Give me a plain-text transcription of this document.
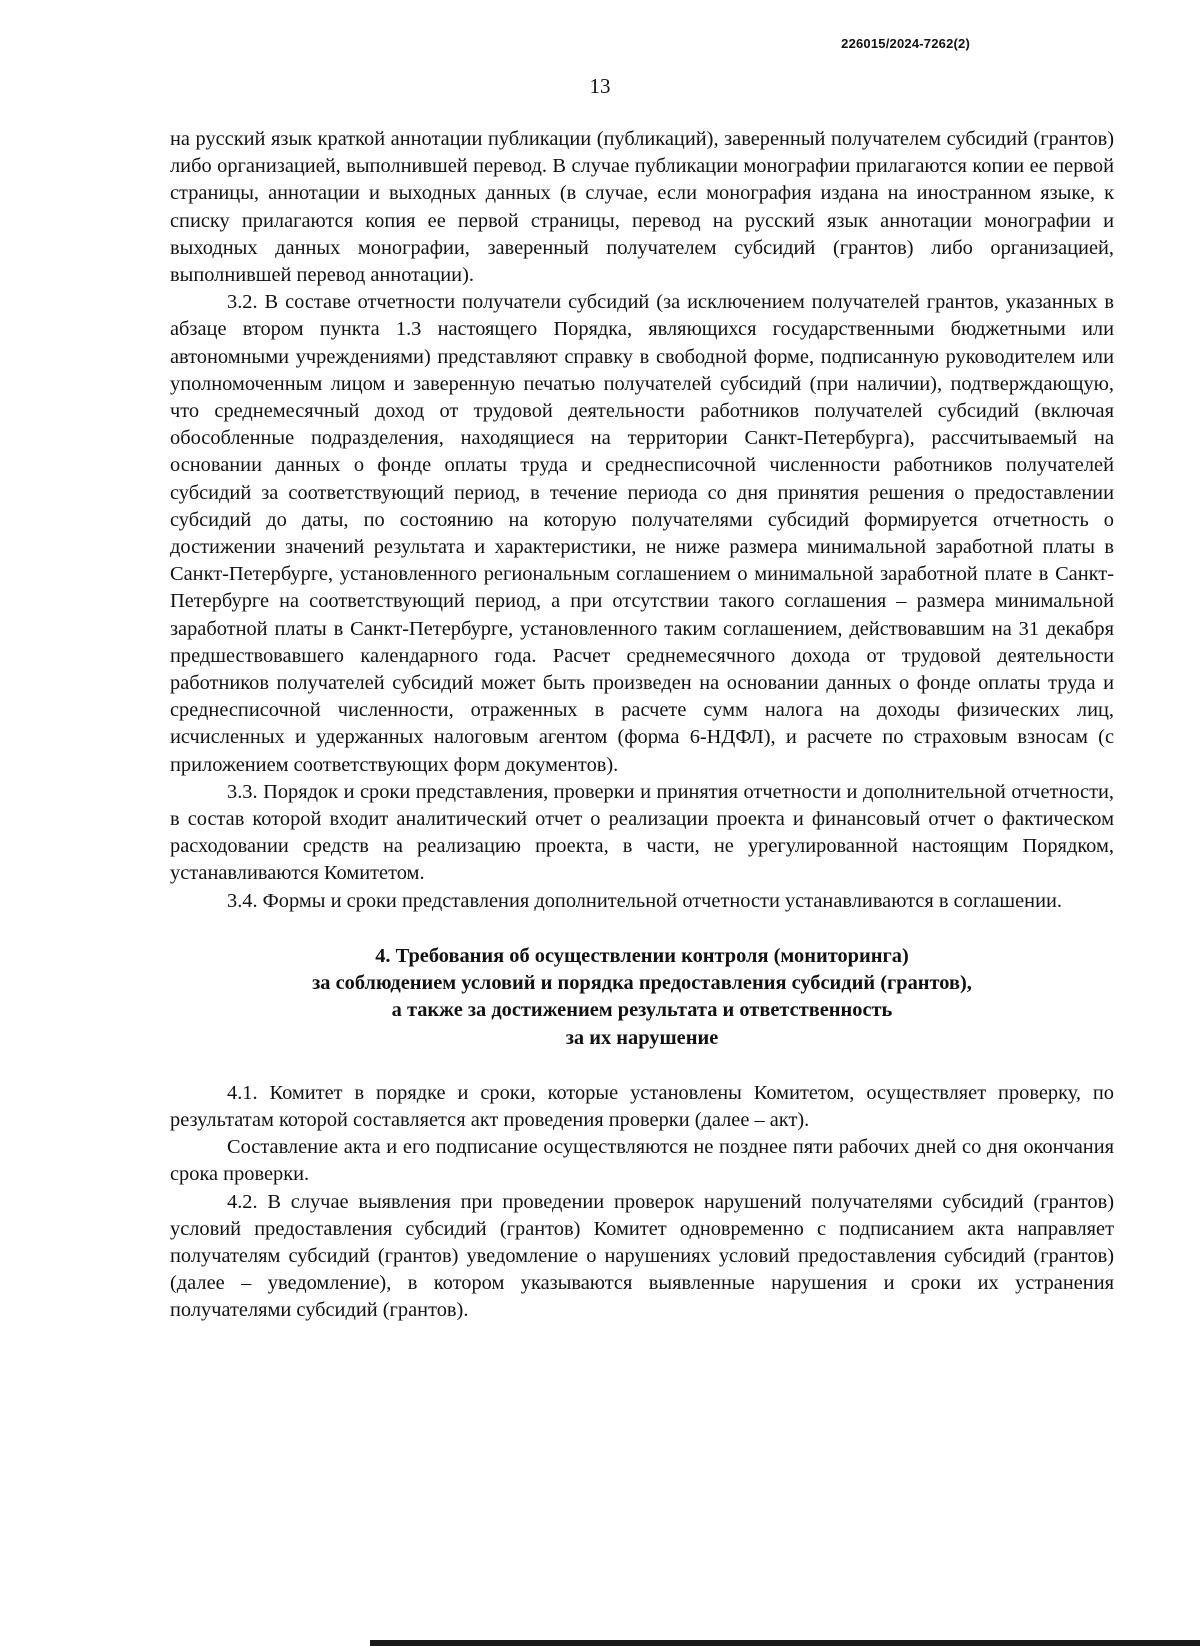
226015/2024-7262(2)
13

на русский язык краткой аннотации публикации (публикаций), заверенный получателем субсидий (грантов) либо организацией, выполнившей перевод. В случае публикации монографии прилагаются копии ее первой страницы, аннотации и выходных данных (в случае, если монография издана на иностранном языке, к списку прилагаются копия ее первой страницы, перевод на русский язык аннотации монографии и выходных данных монографии, заверенный получателем субсидий (грантов) либо организацией, выполнившей перевод аннотации).

3.2. В составе отчетности получатели субсидий (за исключением получателей грантов, указанных в абзаце втором пункта 1.3 настоящего Порядка, являющихся государственными бюджетными или автономными учреждениями) представляют справку в свободной форме, подписанную руководителем или уполномоченным лицом и заверенную печатью получателей субсидий (при наличии), подтверждающую, что среднемесячный доход от трудовой деятельности работников получателей субсидий (включая обособленные подразделения, находящиеся на территории Санкт-Петербурга), рассчитываемый на основании данных о фонде оплаты труда и среднесписочной численности работников получателей субсидий за соответствующий период, в течение периода со дня принятия решения о предоставлении субсидий до даты, по состоянию на которую получателями субсидий формируется отчетность о достижении значений результата и характеристики, не ниже размера минимальной заработной платы в Санкт-Петербурге, установленного региональным соглашением о минимальной заработной плате в Санкт-Петербурге на соответствующий период, а при отсутствии такого соглашения – размера минимальной заработной платы в Санкт-Петербурге, установленного таким соглашением, действовавшим на 31 декабря предшествовавшего календарного года. Расчет среднемесячного дохода от трудовой деятельности работников получателей субсидий может быть произведен на основании данных о фонде оплаты труда и среднесписочной численности, отраженных в расчете сумм налога на доходы физических лиц, исчисленных и удержанных налоговым агентом (форма 6-НДФЛ), и расчете по страховым взносам (с приложением соответствующих форм документов).

3.3. Порядок и сроки представления, проверки и принятия отчетности и дополнительной отчетности, в состав которой входит аналитический отчет о реализации проекта и финансовый отчет о фактическом расходовании средств на реализацию проекта, в части, не урегулированной настоящим Порядком, устанавливаются Комитетом.

3.4. Формы и сроки представления дополнительной отчетности устанавливаются в соглашении.

4. Требования об осуществлении контроля (мониторинга)
за соблюдением условий и порядка предоставления субсидий (грантов),
а также за достижением результата и ответственность
за их нарушение

4.1. Комитет в порядке и сроки, которые установлены Комитетом, осуществляет проверку, по результатам которой составляется акт проведения проверки (далее – акт).

Составление акта и его подписание осуществляются не позднее пяти рабочих дней со дня окончания срока проверки.

4.2. В случае выявления при проведении проверок нарушений получателями субсидий (грантов) условий предоставления субсидий (грантов) Комитет одновременно с подписанием акта направляет получателям субсидий (грантов) уведомление о нарушениях условий предоставления субсидий (грантов) (далее – уведомление), в котором указываются выявленные нарушения и сроки их устранения получателями субсидий (грантов).
